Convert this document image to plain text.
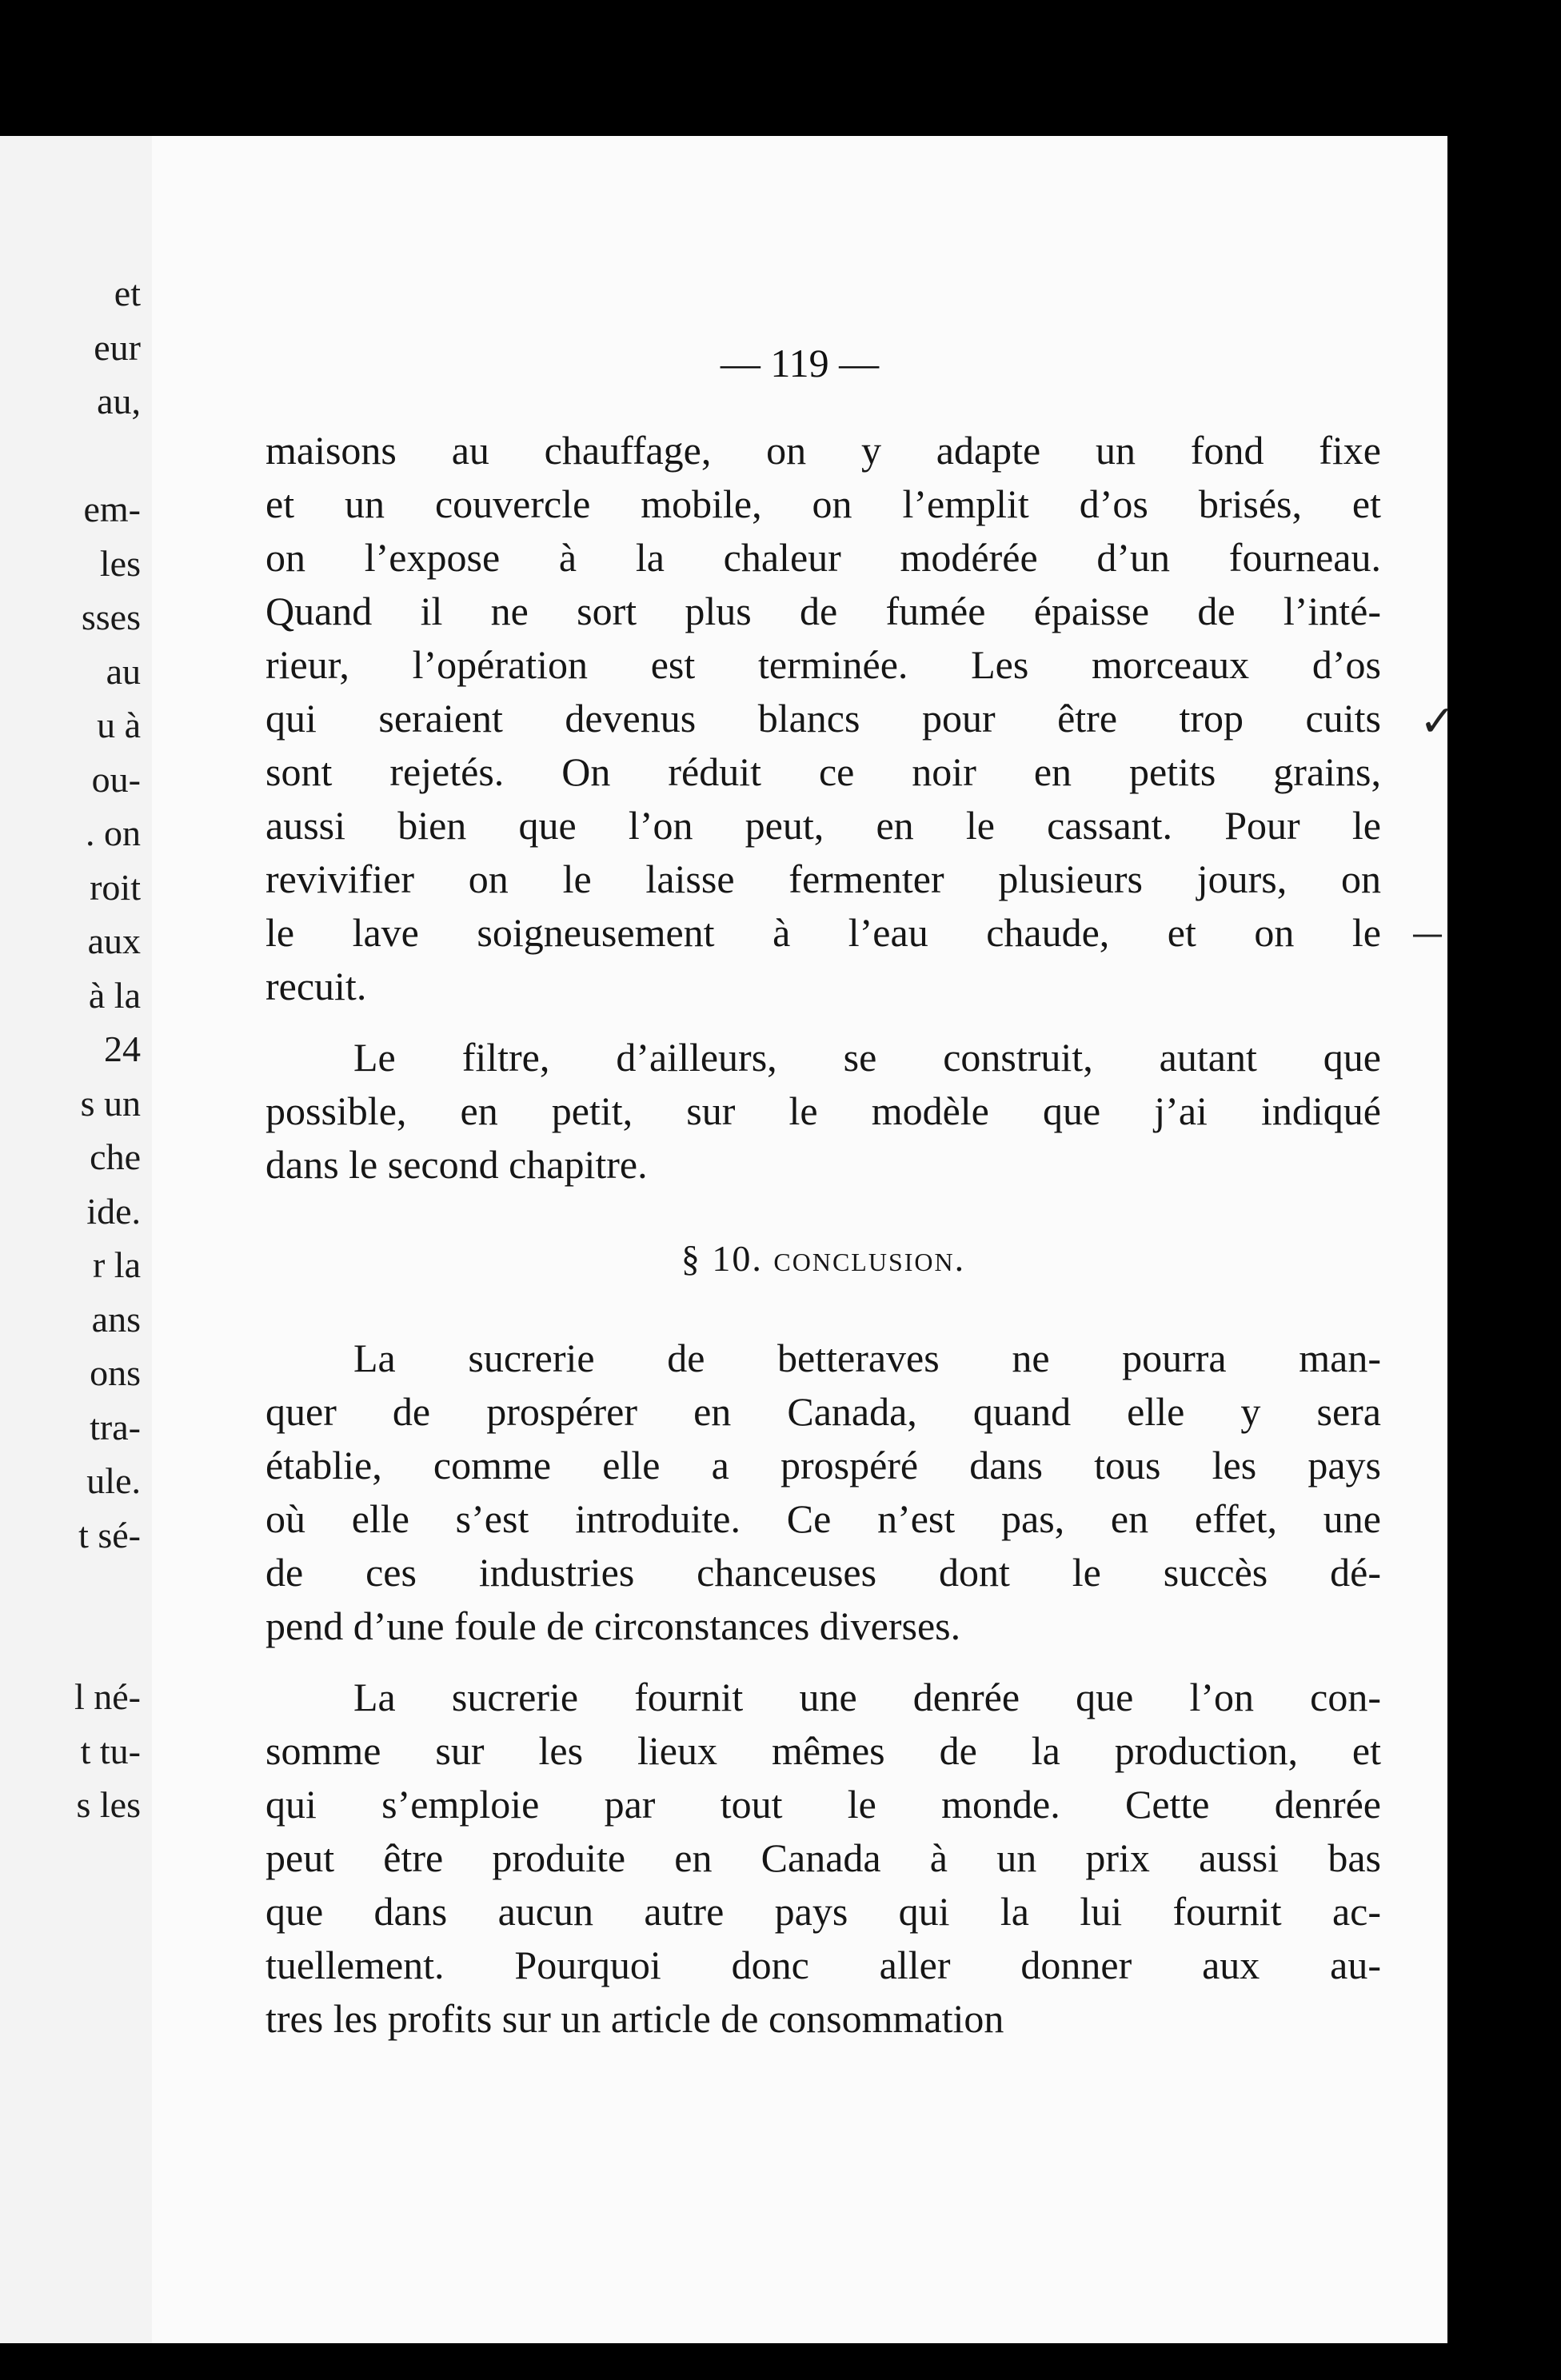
et
eur
au,
em-
les
sses
au
u à
ou-
. on
roit
aux
à la
24
s un
che
ide.
r la
ans
ons
tra-
ule.
t sé-
l né-
t tu-
s les
— 119 —
maisons au chauffage, on y adapte un fond fixe
et un couvercle mobile, on l’emplit d’os brisés, et
on l’expose à la chaleur modérée d’un fourneau.
Quand il ne sort plus de fumée épaisse de l’inté-
rieur, l’opération est terminée. Les morceaux d’os
qui seraient devenus blancs pour être trop cuits
sont rejetés. On réduit ce noir en petits grains,
aussi bien que l’on peut, en le cassant. Pour le
revivifier on le laisse fermenter plusieurs jours, on
le lave soigneusement à l’eau chaude, et on le
recuit.
Le filtre, d’ailleurs, se construit, autant que
possible, en petit, sur le modèle que j’ai indiqué
dans le second chapitre.
§ 10. conclusion.
La sucrerie de betteraves ne pourra man-
quer de prospérer en Canada, quand elle y sera
établie, comme elle a prospéré dans tous les pays
où elle s’est introduite. Ce n’est pas, en effet, une
de ces industries chanceuses dont le succès dé-
pend d’une foule de circonstances diverses.
La sucrerie fournit une denrée que l’on con-
somme sur les lieux mêmes de la production, et
qui s’emploie par tout le monde. Cette denrée
peut être produite en Canada à un prix aussi bas
que dans aucun autre pays qui la lui fournit ac-
tuellement. Pourquoi donc aller donner aux au-
tres les profits sur un article de consommation
✓
—
